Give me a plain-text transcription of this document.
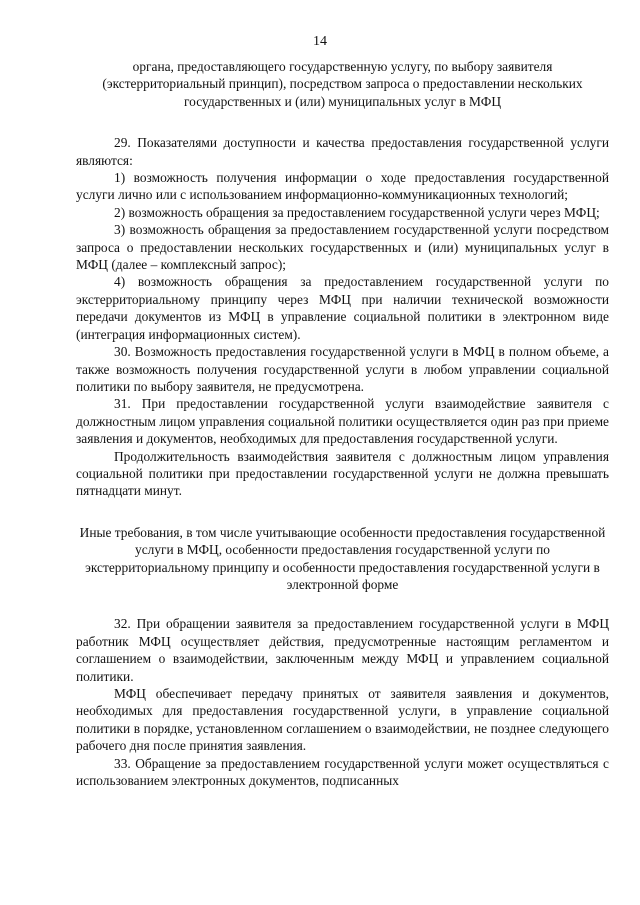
14
органа, предоставляющего государственную услугу, по выбору заявителя (экстерриториальный принцип), посредством запроса о предоставлении нескольких государственных и (или) муниципальных услуг в МФЦ

29. Показателями доступности и качества предоставления государственной услуги являются:

1) возможность получения информации о ходе предоставления государственной услуги лично или с использованием информационно-коммуникационных технологий;

2) возможность обращения за предоставлением государственной услуги через МФЦ;

3) возможность обращения за предоставлением государственной услуги посредством запроса о предоставлении нескольких государственных и (или) муниципальных услуг в МФЦ (далее – комплексный запрос);

4) возможность обращения за предоставлением государственной услуги по экстерриториальному принципу через МФЦ при наличии технической возможности передачи документов из МФЦ в управление социальной политики в электронном виде (интеграция информационных систем).

30. Возможность предоставления государственной услуги в МФЦ в полном объеме, а также возможность получения государственной услуги в любом управлении социальной политики по выбору заявителя, не предусмотрена.

31. При предоставлении государственной услуги взаимодействие заявителя с должностным лицом управления социальной политики осуществляется один раз при приеме заявления и документов, необходимых для предоставления государственной услуги.

Продолжительность взаимодействия заявителя с должностным лицом управления социальной политики при предоставлении государственной услуги не должна превышать пятнадцати минут.

Иные требования, в том числе учитывающие особенности предоставления государственной услуги в МФЦ, особенности предоставления государственной услуги по экстерриториальному принципу и особенности предоставления государственной услуги в электронной форме

32. При обращении заявителя за предоставлением государственной услуги в МФЦ работник МФЦ осуществляет действия, предусмотренные настоящим регламентом и соглашением о взаимодействии, заключенным между МФЦ и управлением социальной политики.

МФЦ обеспечивает передачу принятых от заявителя заявления и документов, необходимых для предоставления государственной услуги, в управление социальной политики в порядке, установленном соглашением о взаимодействии, не позднее следующего рабочего дня после принятия заявления.

33. Обращение за предоставлением государственной услуги может осуществляться с использованием электронных документов, подписанных
